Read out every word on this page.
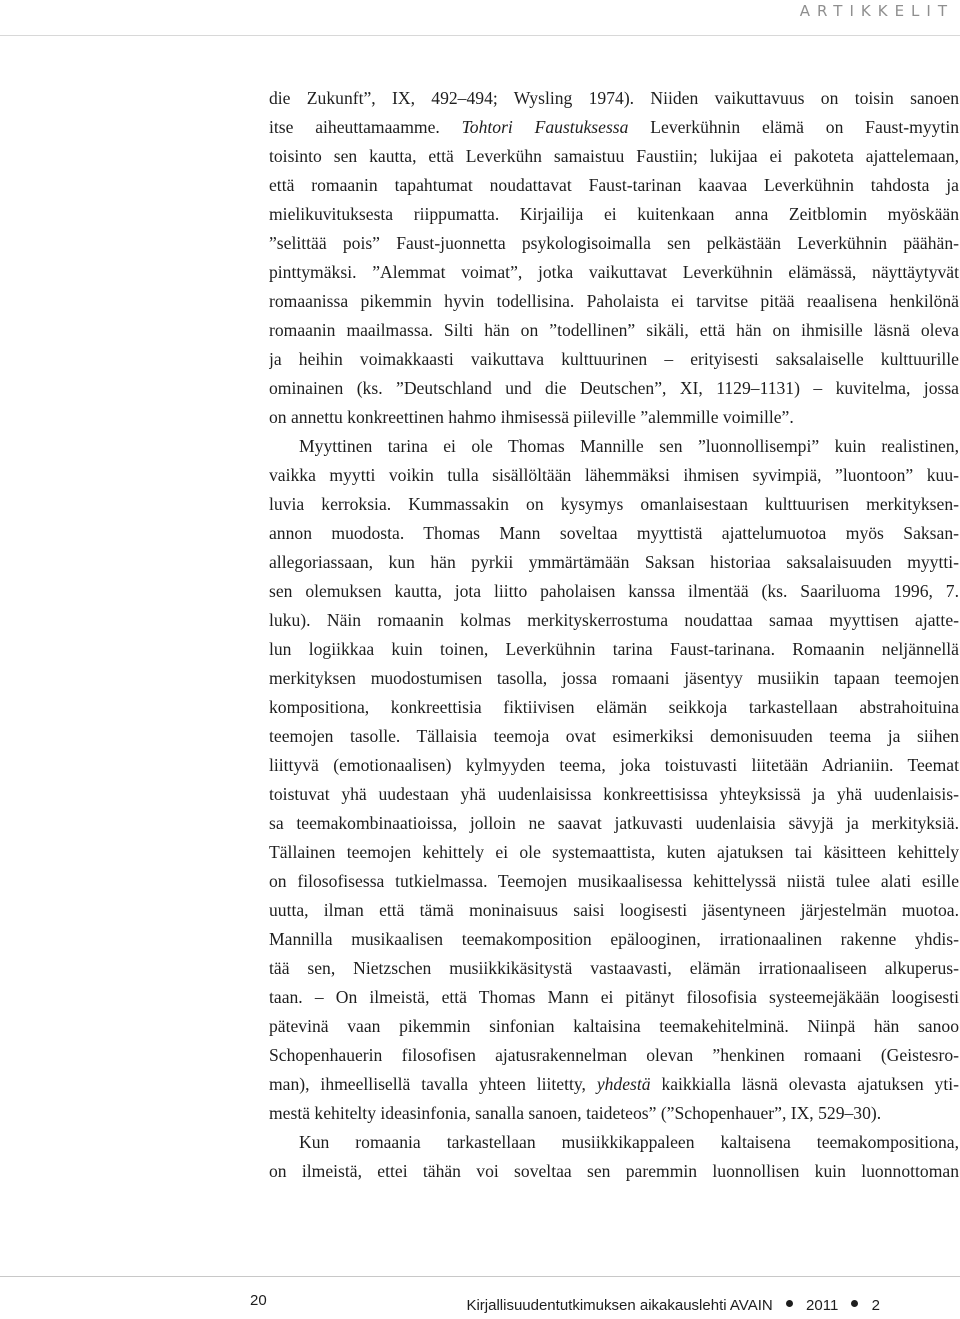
ARTIKKELIT
die Zukunft”, IX, 492–494; Wysling 1974). Niiden vaikuttavuus on toisin sanoen
itse aiheuttamaamme. Tohtori Faustuksessa Leverkühnin elämä on Faust-myytin
toisinto sen kautta, että Leverkühn samaistuu Faustiin; lukijaa ei pakoteta ajattelemaan,
että romaanin tapahtumat noudattavat Faust-tarinan kaavaa Leverkühnin tahdosta ja
mielikuvituksesta riippumatta. Kirjailija ei kuitenkaan anna Zeitblomin myöskään
”selittää pois” Faust-juonnetta psykologisoimalla sen pelkästään Leverkühnin päähän-
pinttymäksi. ”Alemmat voimat”, jotka vaikuttavat Leverkühnin elämässä, näyttäytyvät
romaanissa pikemmin hyvin todellisina. Paholaista ei tarvitse pitää reaalisena henkilönä
romaanin maailmassa. Silti hän on ”todellinen” sikäli, että hän on ihmisille läsnä oleva
ja heihin voimakkaasti vaikuttava kulttuurinen – erityisesti saksalaiselle kulttuurille
ominainen (ks. ”Deutschland und die Deutschen”, XI, 1129–1131) – kuvitelma, jossa
on annettu konkreettinen hahmo ihmisessä piileville ”alemmille voimille”.
Myyttinen tarina ei ole Thomas Mannille sen ”luonnollisempi” kuin realistinen,
vaikka myytti voikin tulla sisällöltään lähemmäksi ihmisen syvimpiä, ”luontoon” kuu-
luvia kerroksia. Kummassakin on kysymys omanlaisestaan kulttuurisen merkityksen-
annon muodosta. Thomas Mann soveltaa myyttistä ajattelumuotoa myös Saksan-
allegoriassaan, kun hän pyrkii ymmärtämään Saksan historiaa saksalaisuuden myytti-
sen olemuksen kautta, jota liitto paholaisen kanssa ilmentää (ks. Saariluoma 1996, 7.
luku). Näin romaanin kolmas merkityskerrostuma noudattaa samaa myyttisen ajatte-
lun logiikkaa kuin toinen, Leverkühnin tarina Faust-tarinana. Romaanin neljännellä
merkityksen muodostumisen tasolla, jossa romaani jäsentyy musiikin tapaan teemojen
kompositiona, konkreettisia fiktiivisen elämän seikkoja tarkastellaan abstrahoituina
teemojen tasolle. Tällaisia teemoja ovat esimerkiksi demonisuuden teema ja siihen
liittyvä (emotionaalisen) kylmyyden teema, joka toistuvasti liitetään Adrianiin. Teemat
toistuvat yhä uudestaan yhä uudenlaisissa konkreettisissa yhteyksissä ja yhä uudenlaisis-
sa teemakombinaatioissa, jolloin ne saavat jatkuvasti uudenlaisia sävyjä ja merkityksiä.
Tällainen teemojen kehittely ei ole systemaattista, kuten ajatuksen tai käsitteen kehittely
on filosofisessa tutkielmassa. Teemojen musikaalisessa kehittelyssä niistä tulee alati esille
uutta, ilman että tämä moninaisuus saisi loogisesti jäsentyneen järjestelmän muotoa.
Mannilla musikaalisen teemakomposition epälooginen, irrationaalinen rakenne yhdis-
tää sen, Nietzschen musiikkikäsitystä vastaavasti, elämän irrationaaliseen alkuperus-
taan. – On ilmeistä, että Thomas Mann ei pitänyt filosofisia systeemejäkään loogisesti
pätevinä vaan pikemmin sinfonian kaltaisina teemakehitelminä. Niinpä hän sanoo
Schopenhauerin filosofisen ajatusrakennelman olevan ”henkinen romaani (Geistesro-
man), ihmeellisellä tavalla yhteen liitetty, yhdestä kaikkialla läsnä olevasta ajatuksen yti-
mestä kehitelty ideasinfonia, sanalla sanoen, taideteos” (”Schopenhauer”, IX, 529–30).
Kun romaania tarkastellaan musiikkikappaleen kaltaisena teemakompositiona,
on ilmeistä, ettei tähän voi soveltaa sen paremmin luonnollisen kuin luonnottoman
20	Kirjallisuudentutkimuksen aikakauslehti AVAIN 2011 2
